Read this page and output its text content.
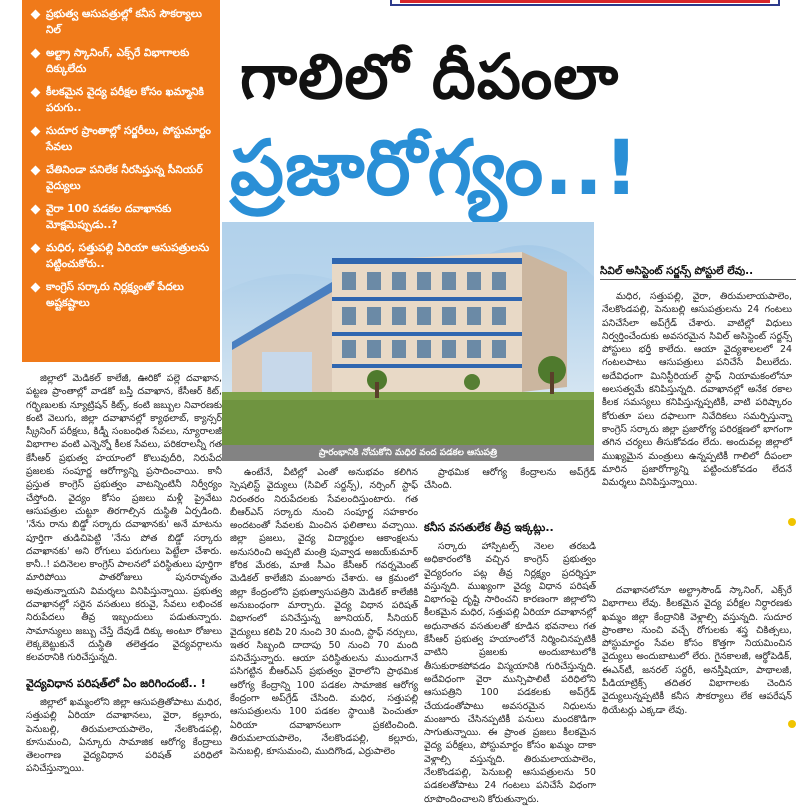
ప్రభుత్వ ఆసుపత్రుల్లో కనీస సౌకర్యాలు నిల్
అల్ట్రా స్కానింగ్, ఎక్స్‌రే విభాగాలకు దిక్కులేదు
కీలకమైన వైద్య పరీక్షల కోసం ఖమ్మానికి పరుగు..
సుదూర ప్రాంతాల్లో సర్జరీలు, పోస్టుమార్టం సేవలు
చేతినిండా పనిలేక నీరసిస్తున్న సీనియర్ వైద్యులు
వైరా 100 పడకల దవాఖానకు మోక్షమెప్పుడు..?
మధిర, సత్తుపల్లి ఏరియా ఆసుపత్రులను పట్టించుకోరు..
కాంగ్రెస్ సర్కారు నిర్లక్ష్యంతో పేదలు అష్టకష్టాలు
గాలిలో దీపంలా
ప్రజారోగ్యం..!
ప్రారంభానికి నోచుకోని మధిర వంద పడకల ఆసుపత్రి
సివిల్ అసిస్టెంట్ సర్జన్స్ పోస్టులే లేవు..

జిల్లాలో మెడికల్ కాలేజీ, ఊరికో పల్లె దవాఖాన, పట్టణ ప్రాంతాల్లో వాడకో బస్తీ దవాఖాన, కేసీఆర్ కిట్, గర్భిణులకు న్యూట్రిషన్ కిట్స్, కంటి జబ్బుల నివారణకు కంటి వెలుగు, జిల్లా దవాఖానల్లో క్యాథలాబ్, క్యాన్సర్ స్క్రీనింగ్ పరీక్షలు, కిడ్నీ సంబంధిత సేవలు, న్యూరాలజీ విభాగాల వంటి ఎన్నెన్నో కీలక సేవలు, పరికరాలన్నీ గత కేసీఆర్ ప్రభుత్వ హయాంలో కొలువుదీరి, నిరుపేద ప్రజలకు సంపూర్ణ ఆరోగ్యాన్ని ప్రసాదించాయి. కానీ ప్రస్తుత కాంగ్రెస్ ప్రభుత్వం వాటన్నింటినీ నిర్వీర్యం చేస్తోంది. వైద్యం కోసం ప్రజలు మళ్లీ ప్రైవేటు ఆసుపత్రుల చుట్టూ తిరగాల్సిన దుస్థితి ఏర్పడింది. 'నేను రాను బిడ్డో సర్కారు దవాఖానకు' అనే మాటను పూర్తిగా తుడిచిపెట్టి 'నేను పోత బిడ్డో సర్కారు దవాఖానకు' అని రోగులు పరుగులు పెట్టేలా చేశారు. కానీ..! పదినెలల కాంగ్రెస్ పాలనలో పరిస్థితులు పూర్తిగా మారిపోయి పాతరోజులు పునరావృతం అవుతున్నాయని విమర్శలు వినిపిస్తున్నాయి. ప్రభుత్వ దవాఖానల్లో సరైన వసతులు కరువై, సేవలు లభించక నిరుపేదలు తీవ్ర ఇబ్బందులు పడుతున్నారు. సామాన్యులు జబ్బు చేస్తే దేవుడే దిక్కు అంటూ రోజులు లెక్కబెట్టుకునే దుస్థితి తలెత్తడం వైద్యవర్గాలను కలవరానికి గురిచేస్తున్నది.

వైద్యవిధాన పరిషత్‌లో ఏం జరిగిందంటే.. !

జిల్లాలో ఖమ్మంలోని జిల్లా ఆసుపత్రితోపాటు మధిర, సత్తుపల్లి ఏరియా దవాఖానలు, వైరా, కల్లూరు, పెనుబల్లి, తిరుమలాయపాలెం, నేలకొండపల్లి, కూసుమంచి, ఏన్కూరు సామాజిక ఆరోగ్య కేంద్రాలు తెలంగాణ వైద్యవిధాన పరిషత్ పరిధిలో పనిచేస్తున్నాయి.

ఉంటేనే, వీటిల్లో ఎంతో అనుభవం కలిగిన స్పెషలిస్ట్ వైద్యులు (సివిల్ సర్జన్స్), నర్సింగ్ స్టాఫ్ నిరంతరం నిరుపేదలకు సేవలందిస్తుంటారు. గత బీఆర్ఎస్ సర్కారు నుంచి సంపూర్ణ సహకారం అందటంతో సేవలకు మించిన ఫలితాలు వచ్చాయి. జిల్లా ప్రజలు, వైద్య విద్యార్థుల ఆకాంక్షలను అనుసరించి అప్పటి మంత్రి పువ్వాడ అజయ్‌కుమార్ కోరిక మేరకు, మాజీ సీఎం కేసీఆర్ గవర్నమెంట్ మెడికల్ కాలేజీని మంజూరు చేశారు. ఆ క్రమంలో జిల్లా కేంద్రంలోని ప్రభుత్వాసుపత్రిని మెడికల్ కాలేజీకి అనుబంధంగా మార్చారు. వైద్య విధాన పరిషత్ విభాగంలో పనిచేస్తున్న జూనియర్, సీనియర్ వైద్యులు కలిపి 20 నుంచి 30 మంది, స్టాఫ్ నర్సులు, ఇతర సిబ్బంది దాదాపు 50 నుంచి 70 మంది పనిచేస్తున్నారు. ఆయా పరిస్థితులను ముందుగానే పసిగట్టిన బీఆర్ఎస్ ప్రభుత్వం వైరాలోని ప్రాథమిక ఆరోగ్య కేంద్రాన్ని 100 పడకల సామాజిక ఆరోగ్య కేంద్రంగా అప్‌గ్రేడ్ చేసింది. మధిర, సత్తుపల్లి ఆసుపత్రులను 100 పడకల స్థాయికి పెంచుతూ ఏరియా దవాఖానలుగా ప్రకటించింది. తిరుమలాయపాలెం, నేలకొండపల్లి, కల్లూరు, పెనుబల్లి, కూసుమంచి, ముదిగొండ, ఎర్రుపాలెం

ప్రాథమిక ఆరోగ్య కేంద్రాలను అప్‌గ్రేడ్ చేసింది.

కనీస వసతులేక తీవ్ర ఇక్కట్లు..

సర్కారు హాస్పిటల్స్ నెలల తరబడి అధికారంలోకి వచ్చిన కాంగ్రెస్ ప్రభుత్వం వైద్యరంగం పట్ల తీవ్ర నిర్లక్ష్యం ప్రదర్శిస్తూ వస్తున్నది. ముఖ్యంగా వైద్య విధాన పరిషత్ విభాగంపై దృష్టి సారించని కారణంగా జిల్లాలోని కీలకమైన మధిర, సత్తుపల్లి ఏరియా దవాఖానల్లో అధునాతన వసతులతో కూడిన భవనాలు గత కేసీఆర్ ప్రభుత్వ హయాంలోనే నిర్మించినప్పటికీ వాటిని ప్రజలకు అందుబాటులోకి తీసుకురాకపోవడం విస్మయానికి గురిచేస్తున్నది. అదేవిధంగా వైరా మున్సిపాలిటీ పరిధిలోని ఆసుపత్రిని 100 పడకలకు అప్‌గ్రేడ్ చేయడంతోపాటు అవసరమైన నిధులను మంజూరు చేసినప్పటికీ పనులు మందకొడిగా సాగుతున్నాయి. ఈ ప్రాంత ప్రజలు కీలకమైన వైద్య పరీక్షలు, పోస్టుమార్టం కోసం ఖమ్మం దాకా వెళ్లాల్సి వస్తున్నది. తిరుమలాయపాలెం, నేలకొండపల్లి, పెనుబల్లి ఆసుపత్రులను 50 పడకలతోపాటు 24 గంటలు పనిచేసే విధంగా రూపొందించాలని కోరుతున్నారు.

మధిర, సత్తుపల్లి, వైరా, తిరుమలాయపాలెం, నేలకొండపల్లి, పెనుబల్లి ఆసుపత్రులను 24 గంటలు పనిచేసేలా అప్‌గ్రేడ్ చేశారు. వాటిల్లో విధులు నిర్వర్తించేందుకు అవసరమైన సివిల్ అసిస్టెంట్ సర్జన్స్ పోస్టులు భర్తీ కాలేదు. ఆయా వైద్యశాలలలో 24 గంటలపాటు ఆసుపత్రులు పనిచేసే వీలులేదు. అదేవిధంగా మినిస్టీరియల్ స్టాఫ్ నియామకంలోనూ అలసత్వమే కనిపిస్తున్నది. దవాఖానల్లో అనేక రకాల కీలక సమస్యలు కనిపిస్తున్నప్పటికీ, వాటి పరిష్కారం కోరుతూ పలు దఫాలుగా నివేదికలు సమర్పిస్తున్నా కాంగ్రెస్ సర్కారు జిల్లా ప్రజారోగ్య పరిరక్షణలో భాగంగా తగిన చర్యలు తీసుకోవడం లేదు. అందువల్ల జిల్లాలో ముఖ్యమైన మంత్రులు ఉన్నప్పటికీ గాలిలో దీపంలా మారిన ప్రజారోగ్యాన్ని పట్టించుకోవడం లేదనే విమర్శలు వినిపిస్తున్నాయి.

దవాఖానలోనూ అల్ట్రాసౌండ్ స్కానింగ్, ఎక్స్‌రే విభాగాలు లేవు. కీలకమైన వైద్య పరీక్షల నిర్ధారణకు ఖమ్మం జిల్లా కేంద్రానికి వెళ్లాల్సి వస్తున్నది. సుదూర ప్రాంతాల నుంచి వచ్చే రోగులకు శస్త్ర చికిత్సలు, పోస్టుమార్టం సేవల కోసం కొత్తగా నియమించిన వైద్యులు అందుబాటులో లేరు. గైనకాలజీ, ఆర్థోపెడిక్, ఈఎన్‌టీ, జనరల్ సర్జరీ, అనస్తీషియా, పాథాలజీ, పీడియాట్రిక్స్ తదితర విభాగాలకు చెందిన వైద్యులున్నప్పటికీ కనీస సౌకర్యాలు లేక ఆపరేషన్ థియేటర్లు ఎక్కడా లేవు.
